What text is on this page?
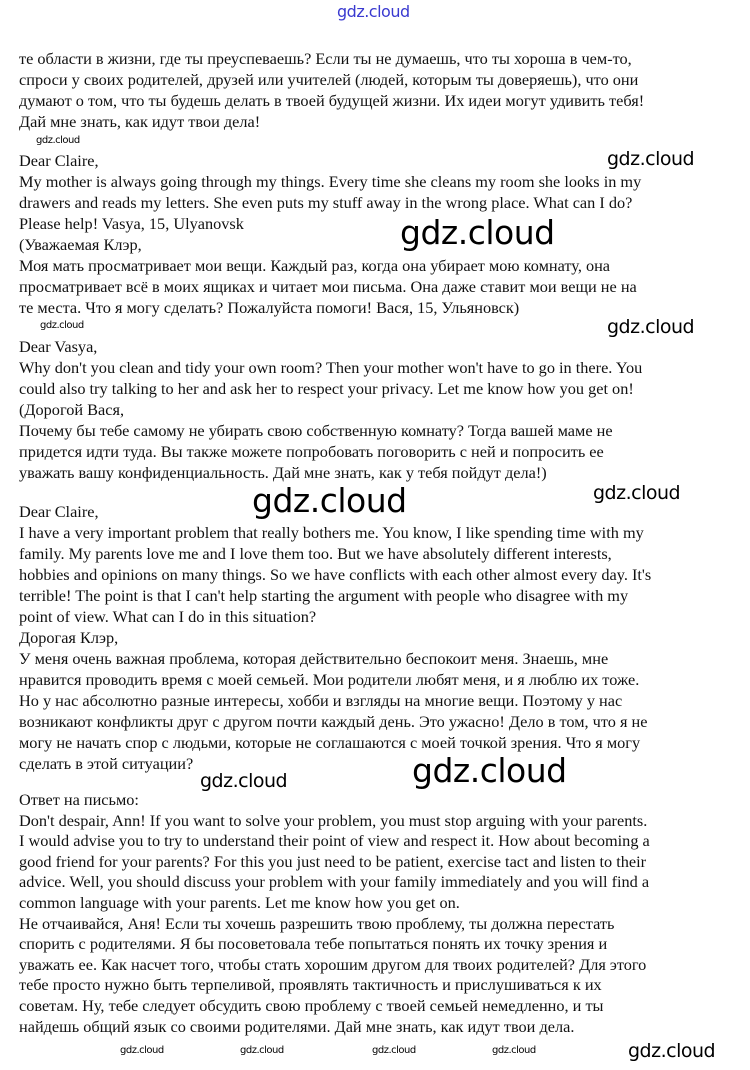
те области в жизни, где ты преуспеваешь? Если ты не думаешь, что ты хороша в чем-то,
спроси у своих родителей, друзей или учителей (людей, которым ты доверяешь), что они
думают о том, что ты будешь делать в твоей будущей жизни. Их идеи могут удивить тебя!
Дай мне знать, как идут твои дела!
Dear Claire,
My mother is always going through my things. Every time she cleans my room she looks in my
drawers and reads my letters. She even puts my stuff away in the wrong place. What can I do?
Please help! Vasya, 15, Ulyanovsk
(Уважаемая Клэр,
Моя мать просматривает мои вещи. Каждый раз, когда она убирает мою комнату, она
просматривает всё в моих ящиках и читает мои письма. Она даже ставит мои вещи не на
те места. Что я могу сделать? Пожалуйста помоги! Вася, 15, Ульяновск)
Dear Vasya,
Why don't you clean and tidy your own room? Then your mother won't have to go in there. You
could also try talking to her and ask her to respect your privacy. Let me know how you get on!
(Дорогой Вася,
Почему бы тебе самому не убирать свою собственную комнату? Тогда вашей маме не
придется идти туда. Вы также можете попробовать поговорить с ней и попросить ее
уважать вашу конфиденциальность. Дай мне знать, как у тебя пойдут дела!)
Dear Claire,
I have a very important problem that really bothers me. You know, I like spending time with my
family. My parents love me and I love them too. But we have absolutely different interests,
hobbies and opinions on many things. So we have conflicts with each other almost every day. It's
terrible! The point is that I can't help starting the argument with people who disagree with my
point of view. What can I do in this situation?
Дорогая Клэр,
У меня очень важная проблема, которая действительно беспокоит меня. Знаешь, мне
нравится проводить время с моей семьей. Мои родители любят меня, и я люблю их тоже.
Но у нас абсолютно разные интересы, хобби и взгляды на многие вещи. Поэтому у нас
возникают конфликты друг с другом почти каждый день. Это ужасно! Дело в том, что я не
могу не начать спор с людьми, которые не соглашаются с моей точкой зрения. Что я могу
сделать в этой ситуации?
Ответ на письмо:
Don't despair, Ann! If you want to solve your problem, you must stop arguing with your parents.
I would advise you to try to understand their point of view and respect it. How about becoming a
good friend for your parents? For this you just need to be patient, exercise tact and listen to their
advice. Well, you should discuss your problem with your family immediately and you will find a
common language with your parents. Let me know how you get on.
Не отчаивайся, Аня! Если ты хочешь разрешить твою проблему, ты должна перестать
спорить с родителями. Я бы посоветовала тебе попытаться понять их точку зрения и
уважать ее. Как насчет того, чтобы стать хорошим другом для твоих родителей? Для этого
тебе просто нужно быть терпеливой, проявлять тактичность и прислушиваться к их
советам. Ну, тебе следует обсудить свою проблему с твоей семьей немедленно, и ты
найдешь общий язык со своими родителями. Дай мне знать, как идут твои дела.
gdz.cloud
gdz.cloud
gdz.cloud
gdz.cloud
gdz.cloud	gdz.cloud
gdz.cloud
gdz.cloud
gdz.cloud	gdz.cloud
gdz.cloud	gdz.cloud	gdz.cloud	gdz.cloud	gdz.cloud
